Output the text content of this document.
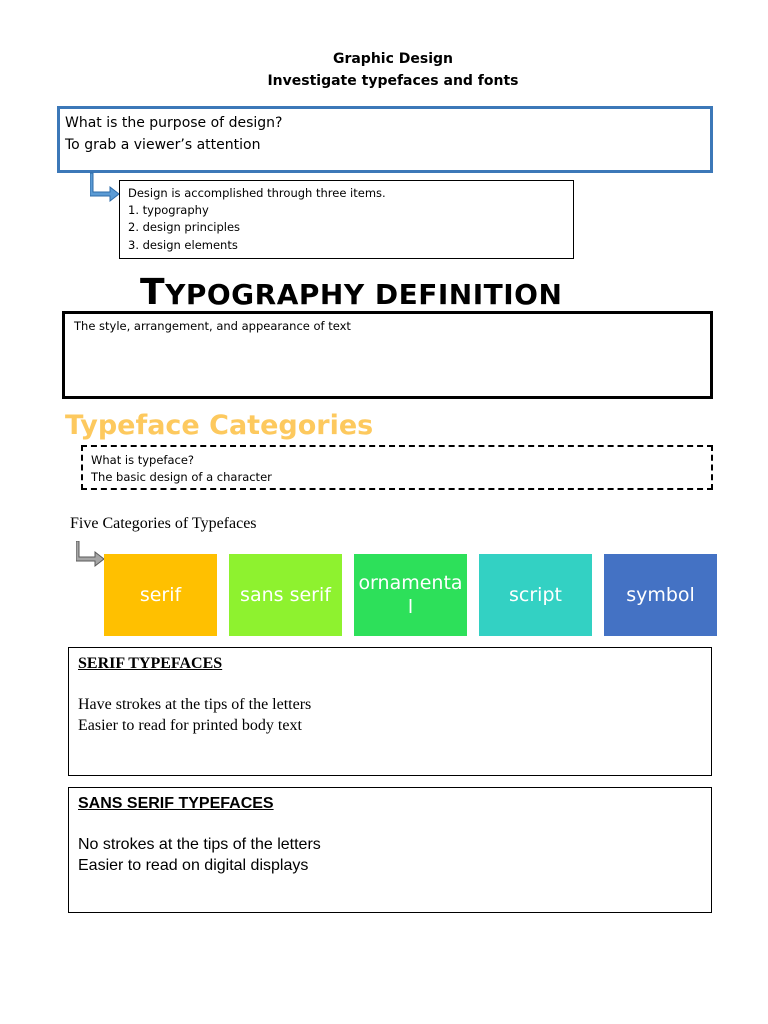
Graphic Design
Investigate typefaces and fonts
What is the purpose of design?
To grab a viewer’s attention
Design is accomplished through three items.
1. typography
2. design principles
3. design elements
TYPOGRAPHY DEFINITION
The style, arrangement, and appearance of text
Typeface Categories
What is typeface?
The basic design of a character
Five Categories of Typefaces
serif	sans serif
ornamental
script	symbol
SERIF TYPEFACES
Have strokes at the tips of the letters
Easier to read for printed body text
SANS SERIF TYPEFACES
No strokes at the tips of the letters
Easier to read on digital displays
